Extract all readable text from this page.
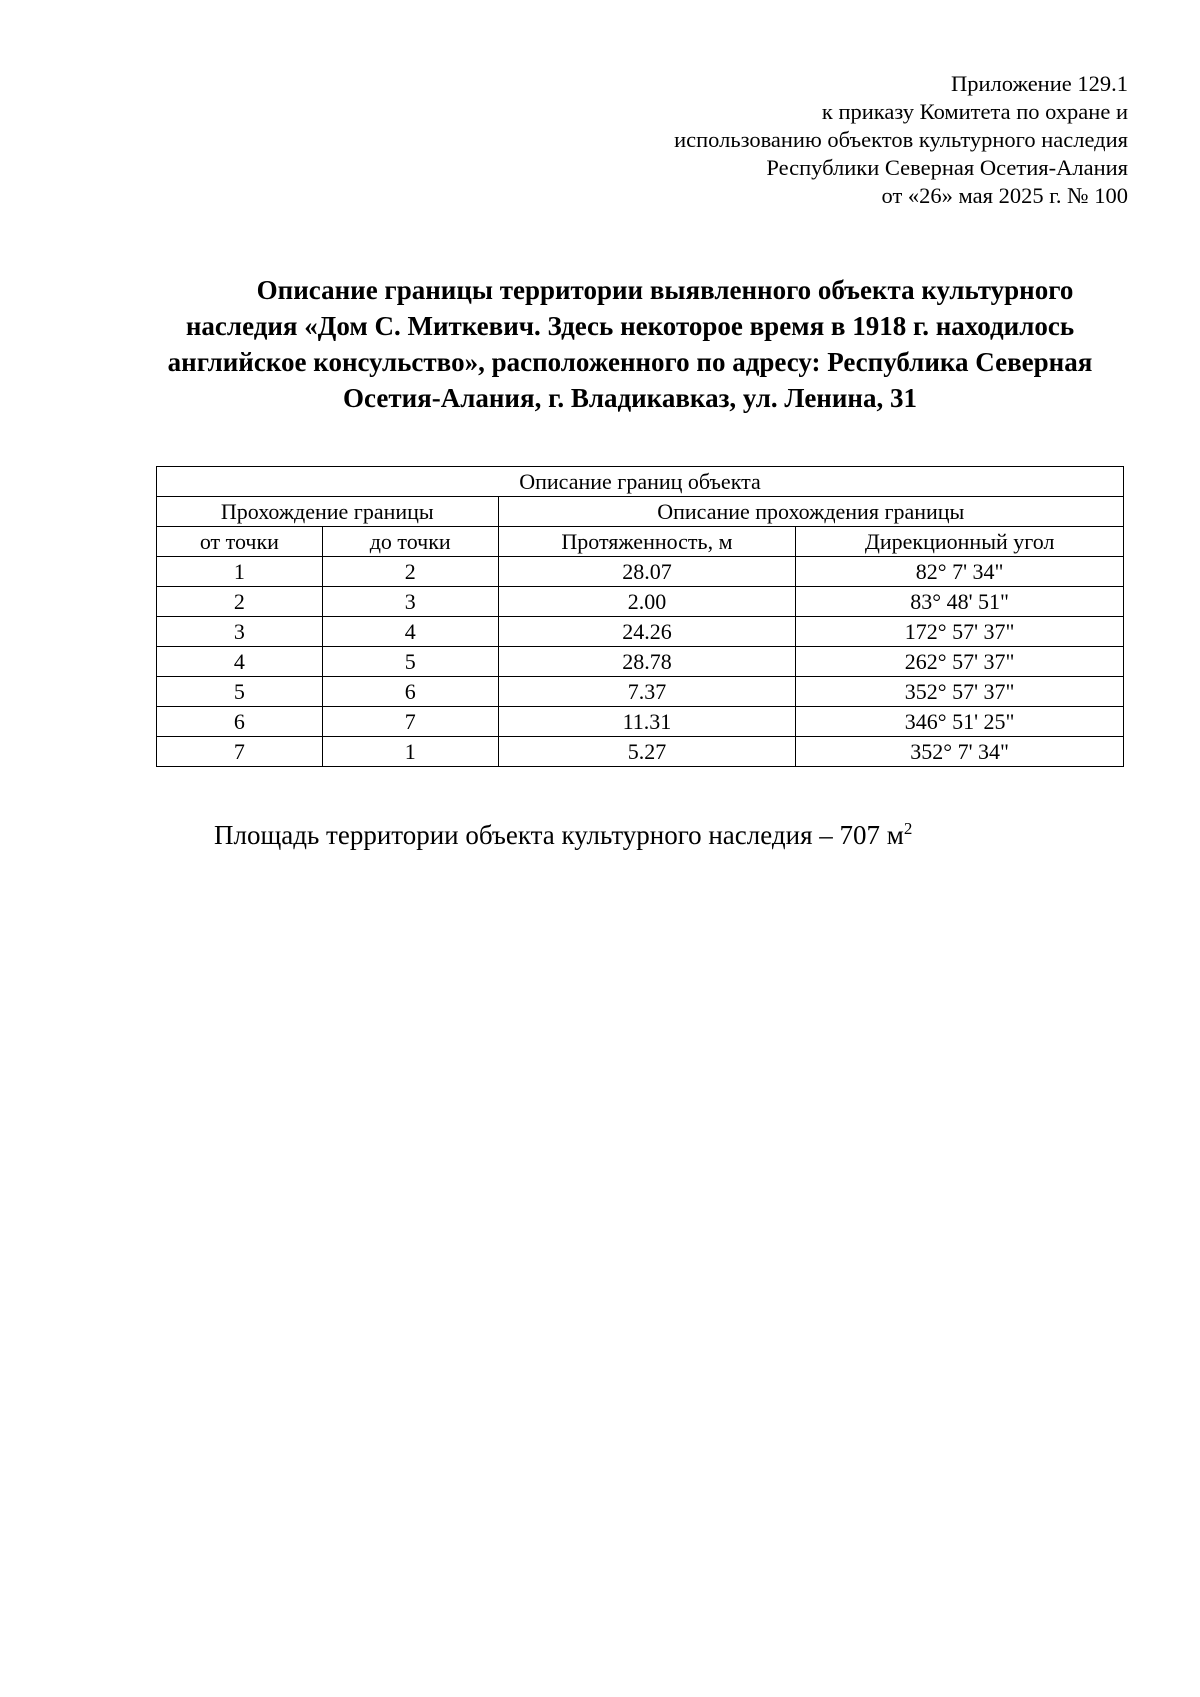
Приложение 129.1
к приказу Комитета по охране и
использованию объектов культурного наследия
Республики Северная Осетия-Алания
от «26» мая 2025 г. № 100
Описание границы территории выявленного объекта культурного наследия «Дом С. Миткевич. Здесь некоторое время в 1918 г. находилось английское консульство», расположенного по адресу: Республика Северная Осетия-Алания, г. Владикавказ, ул. Ленина, 31
Описание границ объекта			
Прохождение границы		Описание прохождения границы	
от точки	до точки	Протяженность, м	Дирекционный угол
1	2	28.07	82° 7' 34"
2	3	2.00	83° 48' 51"
3	4	24.26	172° 57' 37"
4	5	28.78	262° 57' 37"
5	6	7.37	352° 57' 37"
6	7	11.31	346° 51' 25"
7	1	5.27	352° 7' 34"
Площадь территории объекта культурного наследия – 707 $м^2$
